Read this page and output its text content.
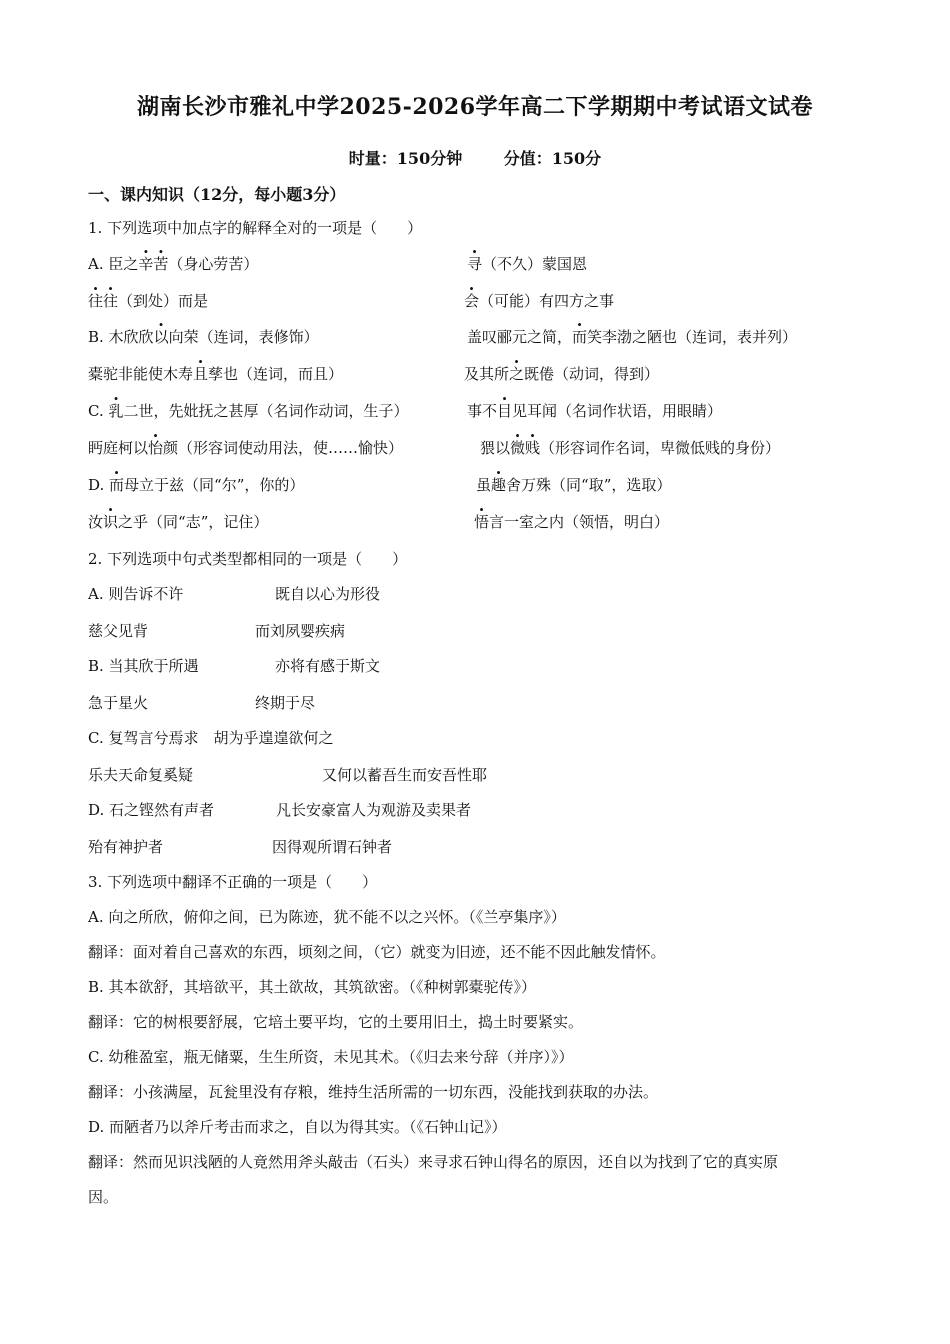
湖南长沙市雅礼中学2025-2026学年高二下学期期中考试语文试卷
时量：150分钟	分值：150分
一、课内知识（12分，每小题3分）
1. 下列选项中加点字的解释全对的一项是（　　）
A. 臣之辛苦（身心劳苦）	寻（不久）蒙国恩
往往（到处）而是	会（可能）有四方之事
B. 木欣欣以向荣（连词，表修饰）	盖叹郦元之简，而笑李渤之陋也（连词，表并列）
橐驼非能使木寿且孳也（连词，而且）	及其所之既倦（动词，得到）
C. 乳二世，先妣抚之甚厚（名词作动词，生子）	事不目见耳闻（名词作状语，用眼睛）
眄庭柯以怡颜（形容词使动用法，使……愉快）	猥以微贱（形容词作名词，卑微低贱的身份）
D. 而母立于兹（同“尔”，你的）	虽趣舍万殊（同“取”，选取）
汝识之乎（同“志”，记住）	悟言一室之内（领悟，明白）
2. 下列选项中句式类型都相同的一项是（　　）
A. 则告诉不许	既自以心为形役
慈父见背	而刘夙婴疾病
B. 当其欣于所遇	亦将有感于斯文
急于星火	终期于尽
C. 复驾言兮焉求　胡为乎遑遑欲何之
乐夫天命复奚疑	又何以蓄吾生而安吾性耶
D. 石之铿然有声者	凡长安豪富人为观游及卖果者
殆有神护者	因得观所谓石钟者
3. 下列选项中翻译不正确的一项是（　　）
A. 向之所欣，俯仰之间，已为陈迹，犹不能不以之兴怀。（《兰亭集序》）
翻译：面对着自己喜欢的东西，顷刻之间，（它）就变为旧迹，还不能不因此触发情怀。
B. 其本欲舒，其培欲平，其土欲故，其筑欲密。（《种树郭橐驼传》）
翻译：它的树根要舒展，它培土要平均，它的土要用旧土，捣土时要紧实。
C. 幼稚盈室，瓶无储粟，生生所资，未见其术。（《归去来兮辞（并序）》）
翻译：小孩满屋，瓦瓮里没有存粮，维持生活所需的一切东西，没能找到获取的办法。
D. 而陋者乃以斧斤考击而求之，自以为得其实。（《石钟山记》）
翻译：然而见识浅陋的人竟然用斧头敲击（石头）来寻求石钟山得名的原因，还自以为找到了它的真实原
因。
